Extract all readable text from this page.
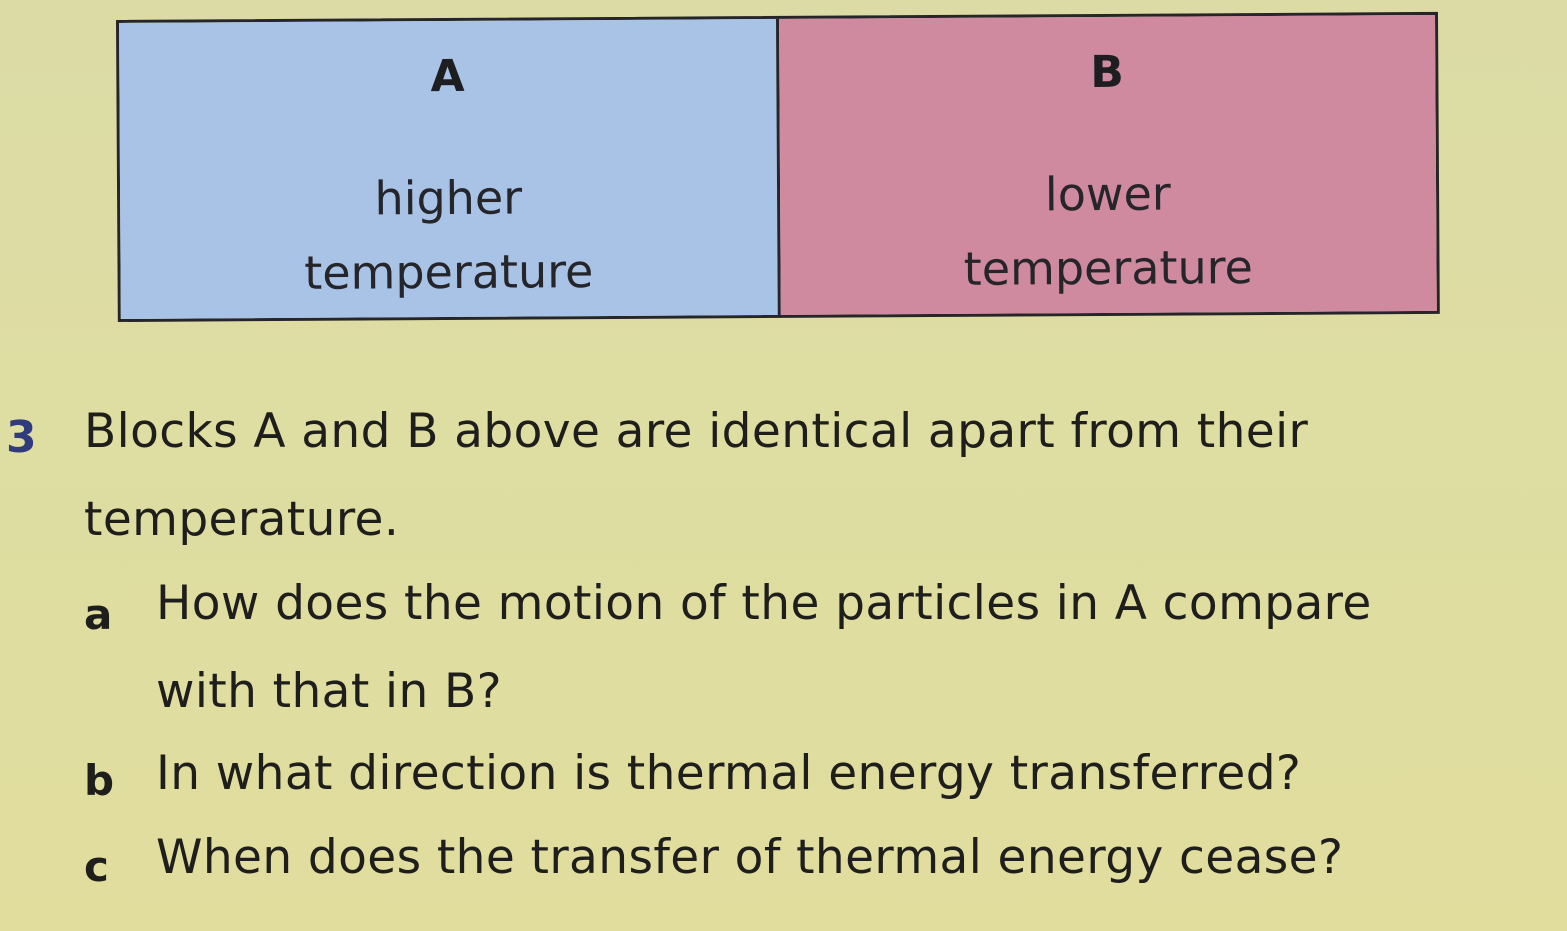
A
higher
temperature
B
lower
temperature
3 Blocks A and B above are identical apart from their
temperature.
a How does the motion of the particles in A compare
with that in B?
b In what direction is thermal energy transferred?
c When does the transfer of thermal energy cease?
